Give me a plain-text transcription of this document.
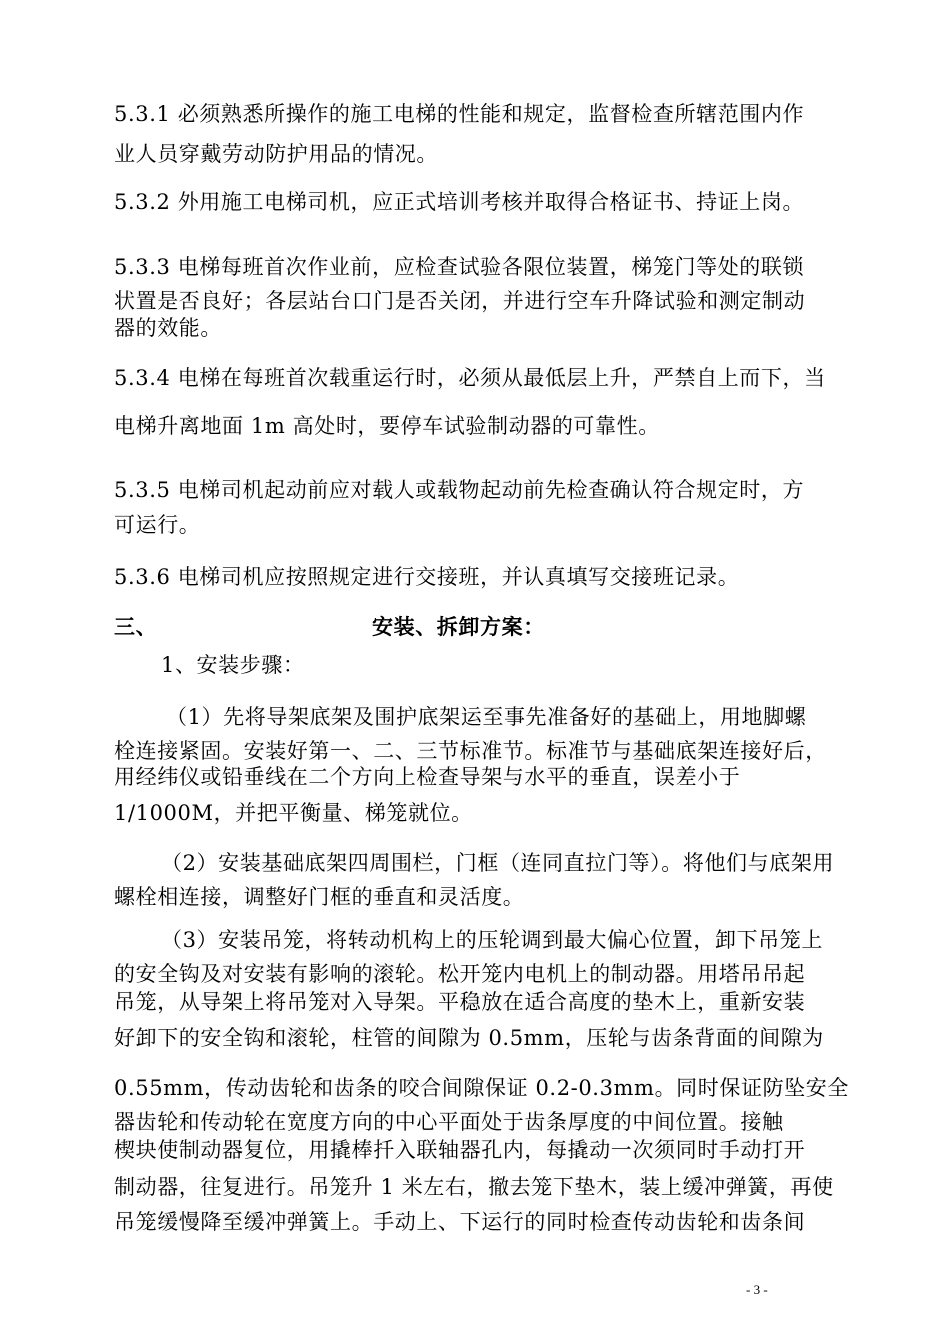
5.3.1 必须熟悉所操作的施工电梯的性能和规定，监督检查所辖范围内作
业人员穿戴劳动防护用品的情况。
5.3.2 外用施工电梯司机，应正式培训考核并取得合格证书、持证上岗。
5.3.3 电梯每班首次作业前，应检查试验各限位装置，梯笼门等处的联锁
状置是否良好；各层站台口门是否关闭，并进行空车升降试验和测定制动
器的效能。
5.3.4 电梯在每班首次载重运行时，必须从最低层上升，严禁自上而下，当
电梯升离地面 1m 高处时，要停车试验制动器的可靠性。
5.3.5 电梯司机起动前应对载人或载物起动前先检查确认符合规定时，方
可运行。
5.3.6 电梯司机应按照规定进行交接班，并认真填写交接班记录。
三、	安装、拆卸方案：
1、安装步骤：
（1）先将导架底架及围护底架运至事先准备好的基础上，用地脚螺
栓连接紧固。安装好第一、二、三节标准节。标准节与基础底架连接好后，
用经纬仪或铅垂线在二个方向上检查导架与水平的垂直，误差小于
1/1000M，并把平衡量、梯笼就位。
（2）安装基础底架四周围栏，门框（连同直拉门等）。将他们与底架用
螺栓相连接，调整好门框的垂直和灵活度。
（3）安装吊笼，将转动机构上的压轮调到最大偏心位置，卸下吊笼上
的安全钩及对安装有影响的滚轮。松开笼内电机上的制动器。用塔吊吊起
吊笼，从导架上将吊笼对入导架。平稳放在适合高度的垫木上，重新安装
好卸下的安全钩和滚轮，柱管的间隙为 0.5mm，压轮与齿条背面的间隙为
0.55mm，传动齿轮和齿条的咬合间隙保证 0.2-0.3mm。同时保证防坠安全
器齿轮和传动轮在宽度方向的中心平面处于齿条厚度的中间位置。接触
楔块使制动器复位，用撬棒扦入联轴器孔内，每撬动一次须同时手动打开
制动器，往复进行。吊笼升 1 米左右，撤去笼下垫木，装上缓冲弹簧，再使
吊笼缓慢降至缓冲弹簧上。手动上、下运行的同时检查传动齿轮和齿条间
- 3 -
